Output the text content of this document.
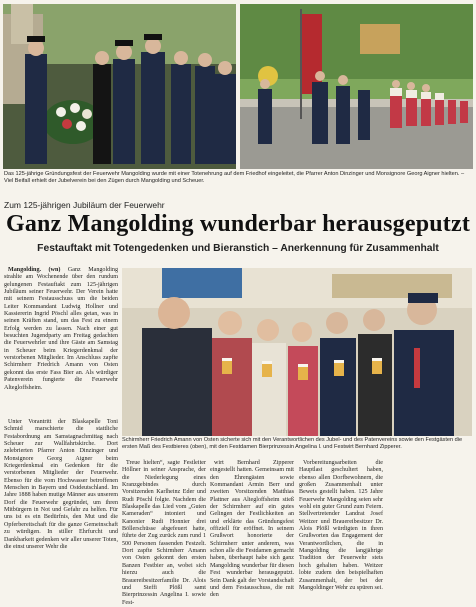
Das 125-jährige Gründungsfest der Feuerwehr Mangolding wurde mit einer Totenehrung auf dem Friedhof eingeleitet, die Pfarrer Anton Dinzinger und Monsignore Georg Aigner hielten. – Viel Beifall erhielt der Jubelverein bei den Zügen durch Mangolding und Scheuer.
Zum 125-jährigen Jubiläum der Feuerwehr
Ganz Mangolding wunderbar herausgeputzt
Festauftakt mit Totengedenken und Bieranstich – Anerkennung für Zusammenhalt

Mangolding. (wn) Ganz Mangolding strahlte am Wochenende über den rundum gelungenen Festauftakt zum 125-jährigen Jubiläum seiner Feuerwehr. Der Verein hatte mit seinem Festausschuss um die beiden Leiter Kommandant Ludwig Hollner und Kassiererin Ingrid Pöschl alles getan, was in seinen Kräften stand, um das Fest zu einem Erfolg werden zu lassen. Nach einer gut besuchten Jugendparty am Freitag gedachten die Feuerwehrler und ihre Gäste am Samstag in Scheuer beim Kriegerdenkmal der verstorbenen Mitglieder. Im Anschluss zapfte Schirmherr Friedrich Amann von Osten gekonnt das erste Fass Bier an. Als würdiger Patenverein fungierte die Feuerwehr Altegloffsheim.

Unter Vorantritt der Blaskapelle Toni Schmid marschierte die stattliche Festabordnung am Samstagnachmittag nach Scheuer zur Wallfahrtskirche. Dort zelebrierten Pfarrer Anton Dinzinger und Monsignore Georg Aigner beim Kriegerdenkmal ein Gedenken für die verstorbenen Mitglieder der Feuerwehr. Ebenso für die vom Hochwasser betroffenen Menschen in Bayern und Ostdeutschland. Im Jahre 1888 haben mutige Männer aus unserem Dorf die Feuerwehr gegründet, um ihren Mitbürgern in Not und Gefahr zu helfen. Für uns ist es ein Bedürfnis, den Mut und die Opferbereitschaft für die ganze Gemeinschaft zu würdigen. In stiller Ehrfurcht und Dankbarkeit gedenken wir aller unserer Toten, die einst unserer Wehr die

Schirmherr Friedrich Amann von Osten sicherte sich mit den Verantwortlichen des Jubel- und des Patenvereins sowie den Festgästen die ersten Maß des Festbieres (oben), mit den Festdamen Bierprinzessin Angelina I. und Festwirt Bernhard Zipperer.

Treue hielten“, sagte Festleiter Höllner in seiner Ansprache, der die Niederlegung eines Kranzgebindes durch Vorsitzenden Karlheinz Eder und Rudi Pöschl folgte. Nachdem die Blaskapelle das Lied vom „Guten Kameraden“ intoniert und Kanonier Rudi Honnier drei Böllerschüsse abgefeuert hatte, führte der Zug zurück zum rund 1 500 Personen fassenden Festzelt. Dort zapfte Schirmherr Amann von Osten gekonnt den ersten Banzen Festbier an, wobei sich hierzu auch die Brauereibesitzerfamilie Dr. Alois und Steffi Plößl samt Bierprinzessin Angelina I. sowie Fest-

wirt Bernhard Zipperer eingestellt hatten. Gemeinsam mit den Ehrengästen sowie Kommandant Armin Berr und zweiten Vorsitzenden Matthias Plattner aus Altegloffsheim stieß der Schirmherr auf ein gutes Gelingen der Festlichkeiten an und erklärte das Gründungsfest offiziell für eröffnet. In seinem Grußwort honorierte der Schirmherr unter anderem, was schon alle die Festdamen gemacht haben, überhaupt habe sich ganz Mangolding wunderbar für diesen Fest wunderbar herausgeputzt. Sein Dank galt der Vorstandschaft und dem Festausschuss, die mit den

Vorbereitungsarbeiten die Hauptlast geschultert haben, ebenso allen Dorfbewohnern, die großen Zusammenhalt unter Beweis gestellt haben. 125 Jahre Feuerwehr Mangolding seien sehr wohl ein guter Grund zum Feiern. Stellvertretender Landrat Josef Weitzer und Brauereibesitzer Dr. Alois Plößl würdigten in ihren Grußworten das Engagement der Verantwortlichen, die in Mangolding die langjährige Tradition der Feuerwehr stets hoch gehalten haben. Weitzer lobte zudem den beispielhaften Zusammenhalt, der bei der Mangoldinger Wehr zu spüren sei.
